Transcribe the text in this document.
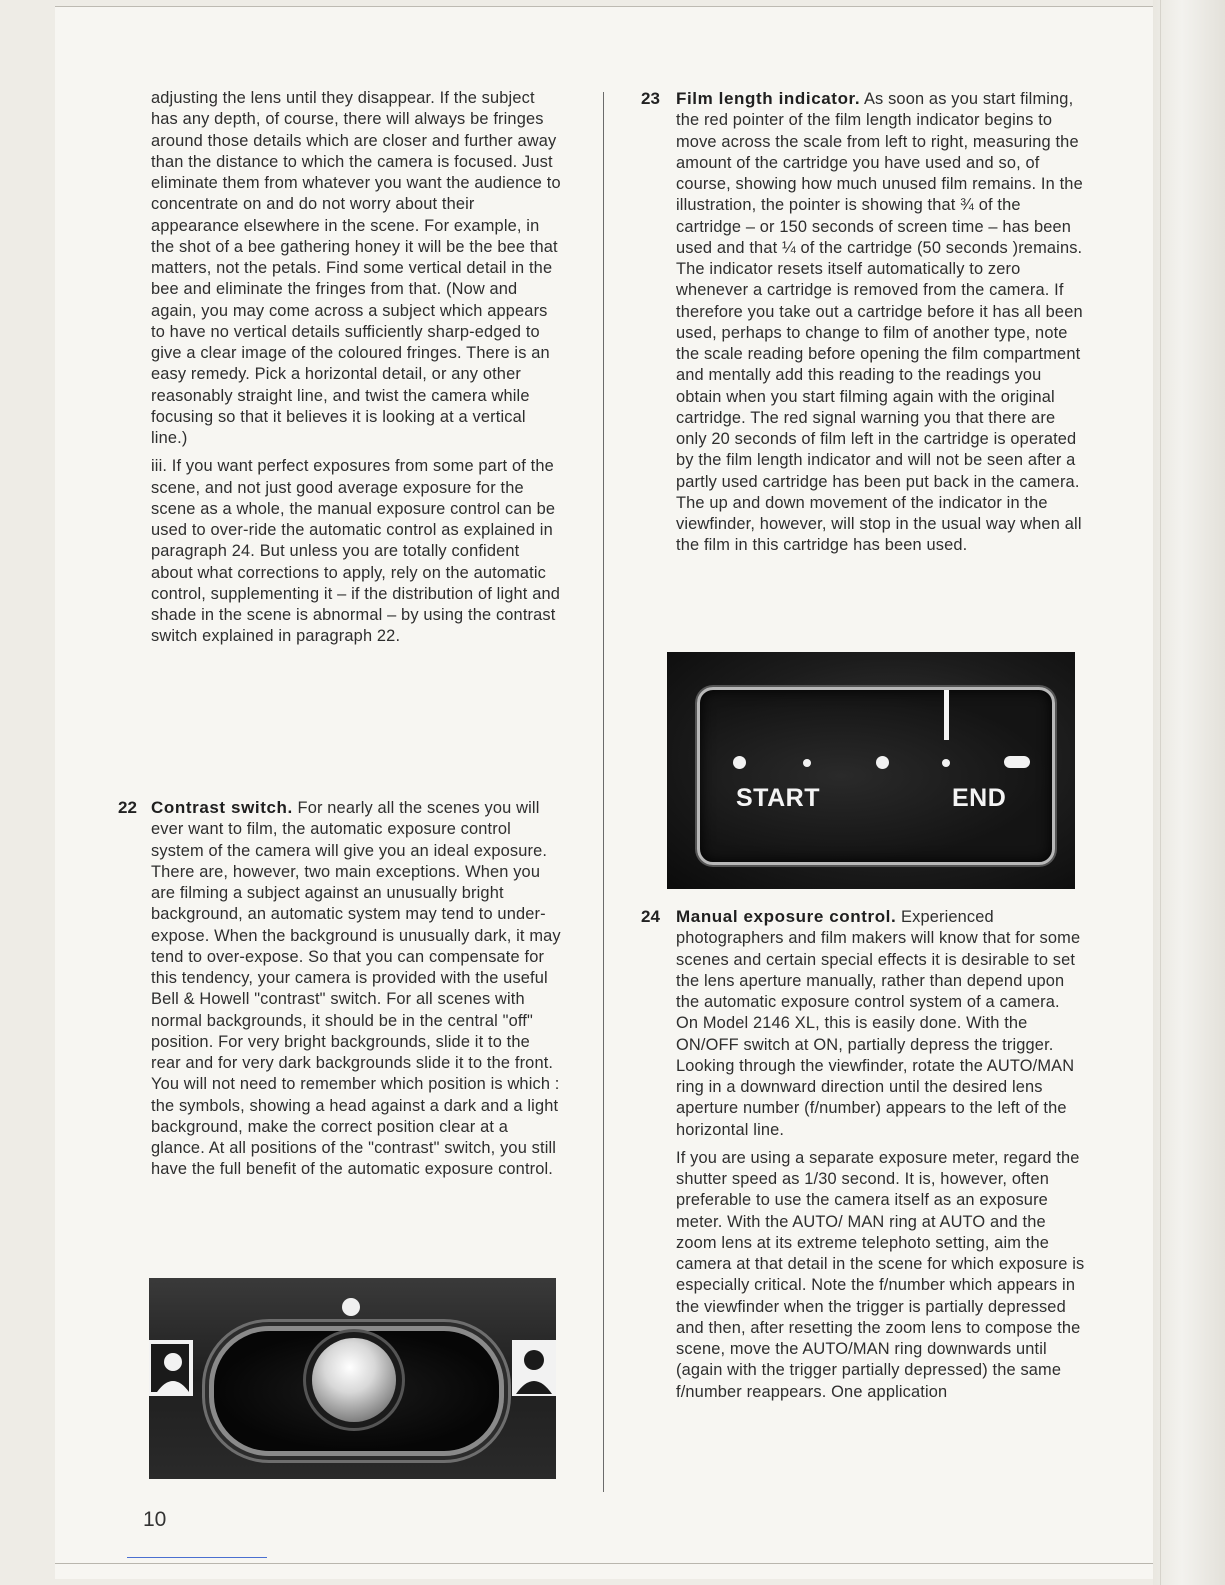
adjusting the lens until they disappear. If the subject has any depth, of course, there will always be fringes around those details which are closer and further away than the distance to which the camera is focused. Just eliminate them from whatever you want the audience to concentrate on and do not worry about their appearance elsewhere in the scene. For example, in the shot of a bee gathering honey it will be the bee that matters, not the petals. Find some vertical detail in the bee and eliminate the fringes from that. (Now and again, you may come across a subject which appears to have no vertical details sufficiently sharp-edged to give a clear image of the coloured fringes. There is an easy remedy. Pick a horizontal detail, or any other reasonably straight line, and twist the camera while focusing so that it believes it is looking at a vertical line.)

iii. If you want perfect exposures from some part of the scene, and not just good average exposure for the scene as a whole, the manual exposure control can be used to over-ride the automatic control as explained in paragraph 24. But unless you are totally confident about what corrections to apply, rely on the automatic control, supplementing it – if the distribution of light and shade in the scene is abnormal – by using the contrast switch explained in paragraph 22.

22 Contrast switch. For nearly all the scenes you will ever want to film, the automatic exposure control system of the camera will give you an ideal exposure. There are, however, two main exceptions. When you are filming a subject against an unusually bright background, an automatic system may tend to under-expose. When the background is unusually dark, it may tend to over-expose. So that you can compensate for this tendency, your camera is provided with the useful Bell & Howell "contrast" switch. For all scenes with normal backgrounds, it should be in the central "off" position. For very bright backgrounds, slide it to the rear and for very dark backgrounds slide it to the front. You will not need to remember which position is which : the symbols, showing a head against a dark and a light background, make the correct position clear at a glance. At all positions of the "contrast" switch, you still have the full benefit of the automatic exposure control.

23 Film length indicator. As soon as you start filming, the red pointer of the film length indicator begins to move across the scale from left to right, measuring the amount of the cartridge you have used and so, of course, showing how much unused film remains. In the illustration, the pointer is showing that ¾ of the cartridge – or 150 seconds of screen time – has been used and that ¼ of the cartridge (50 seconds )remains. The indicator resets itself automatically to zero whenever a cartridge is removed from the camera. If therefore you take out a cartridge before it has all been used, perhaps to change to film of another type, note the scale reading before opening the film compartment and mentally add this reading to the readings you obtain when you start filming again with the original cartridge. The red signal warning you that there are only 20 seconds of film left in the cartridge is operated by the film length indicator and will not be seen after a partly used cartridge has been put back in the camera. The up and down movement of the indicator in the viewfinder, however, will stop in the usual way when all the film in this cartridge has been used.

START	END
24 Manual exposure control. Experienced photographers and film makers will know that for some scenes and certain special effects it is desirable to set the lens aperture manually, rather than depend upon the automatic exposure control system of a camera. On Model 2146 XL, this is easily done. With the ON/OFF switch at ON, partially depress the trigger. Looking through the viewfinder, rotate the AUTO/MAN ring in a downward direction until the desired lens aperture number (f/number) appears to the left of the horizontal line.

If you are using a separate exposure meter, regard the shutter speed as 1/30 second. It is, however, often preferable to use the camera itself as an exposure meter. With the AUTO/ MAN ring at AUTO and the zoom lens at its extreme telephoto setting, aim the camera at that detail in the scene for which exposure is especially critical. Note the f/number which appears in the viewfinder when the trigger is partially depressed and then, after resetting the zoom lens to compose the scene, move the AUTO/MAN ring downwards until (again with the trigger partially depressed) the same f/number reappears. One application

10
